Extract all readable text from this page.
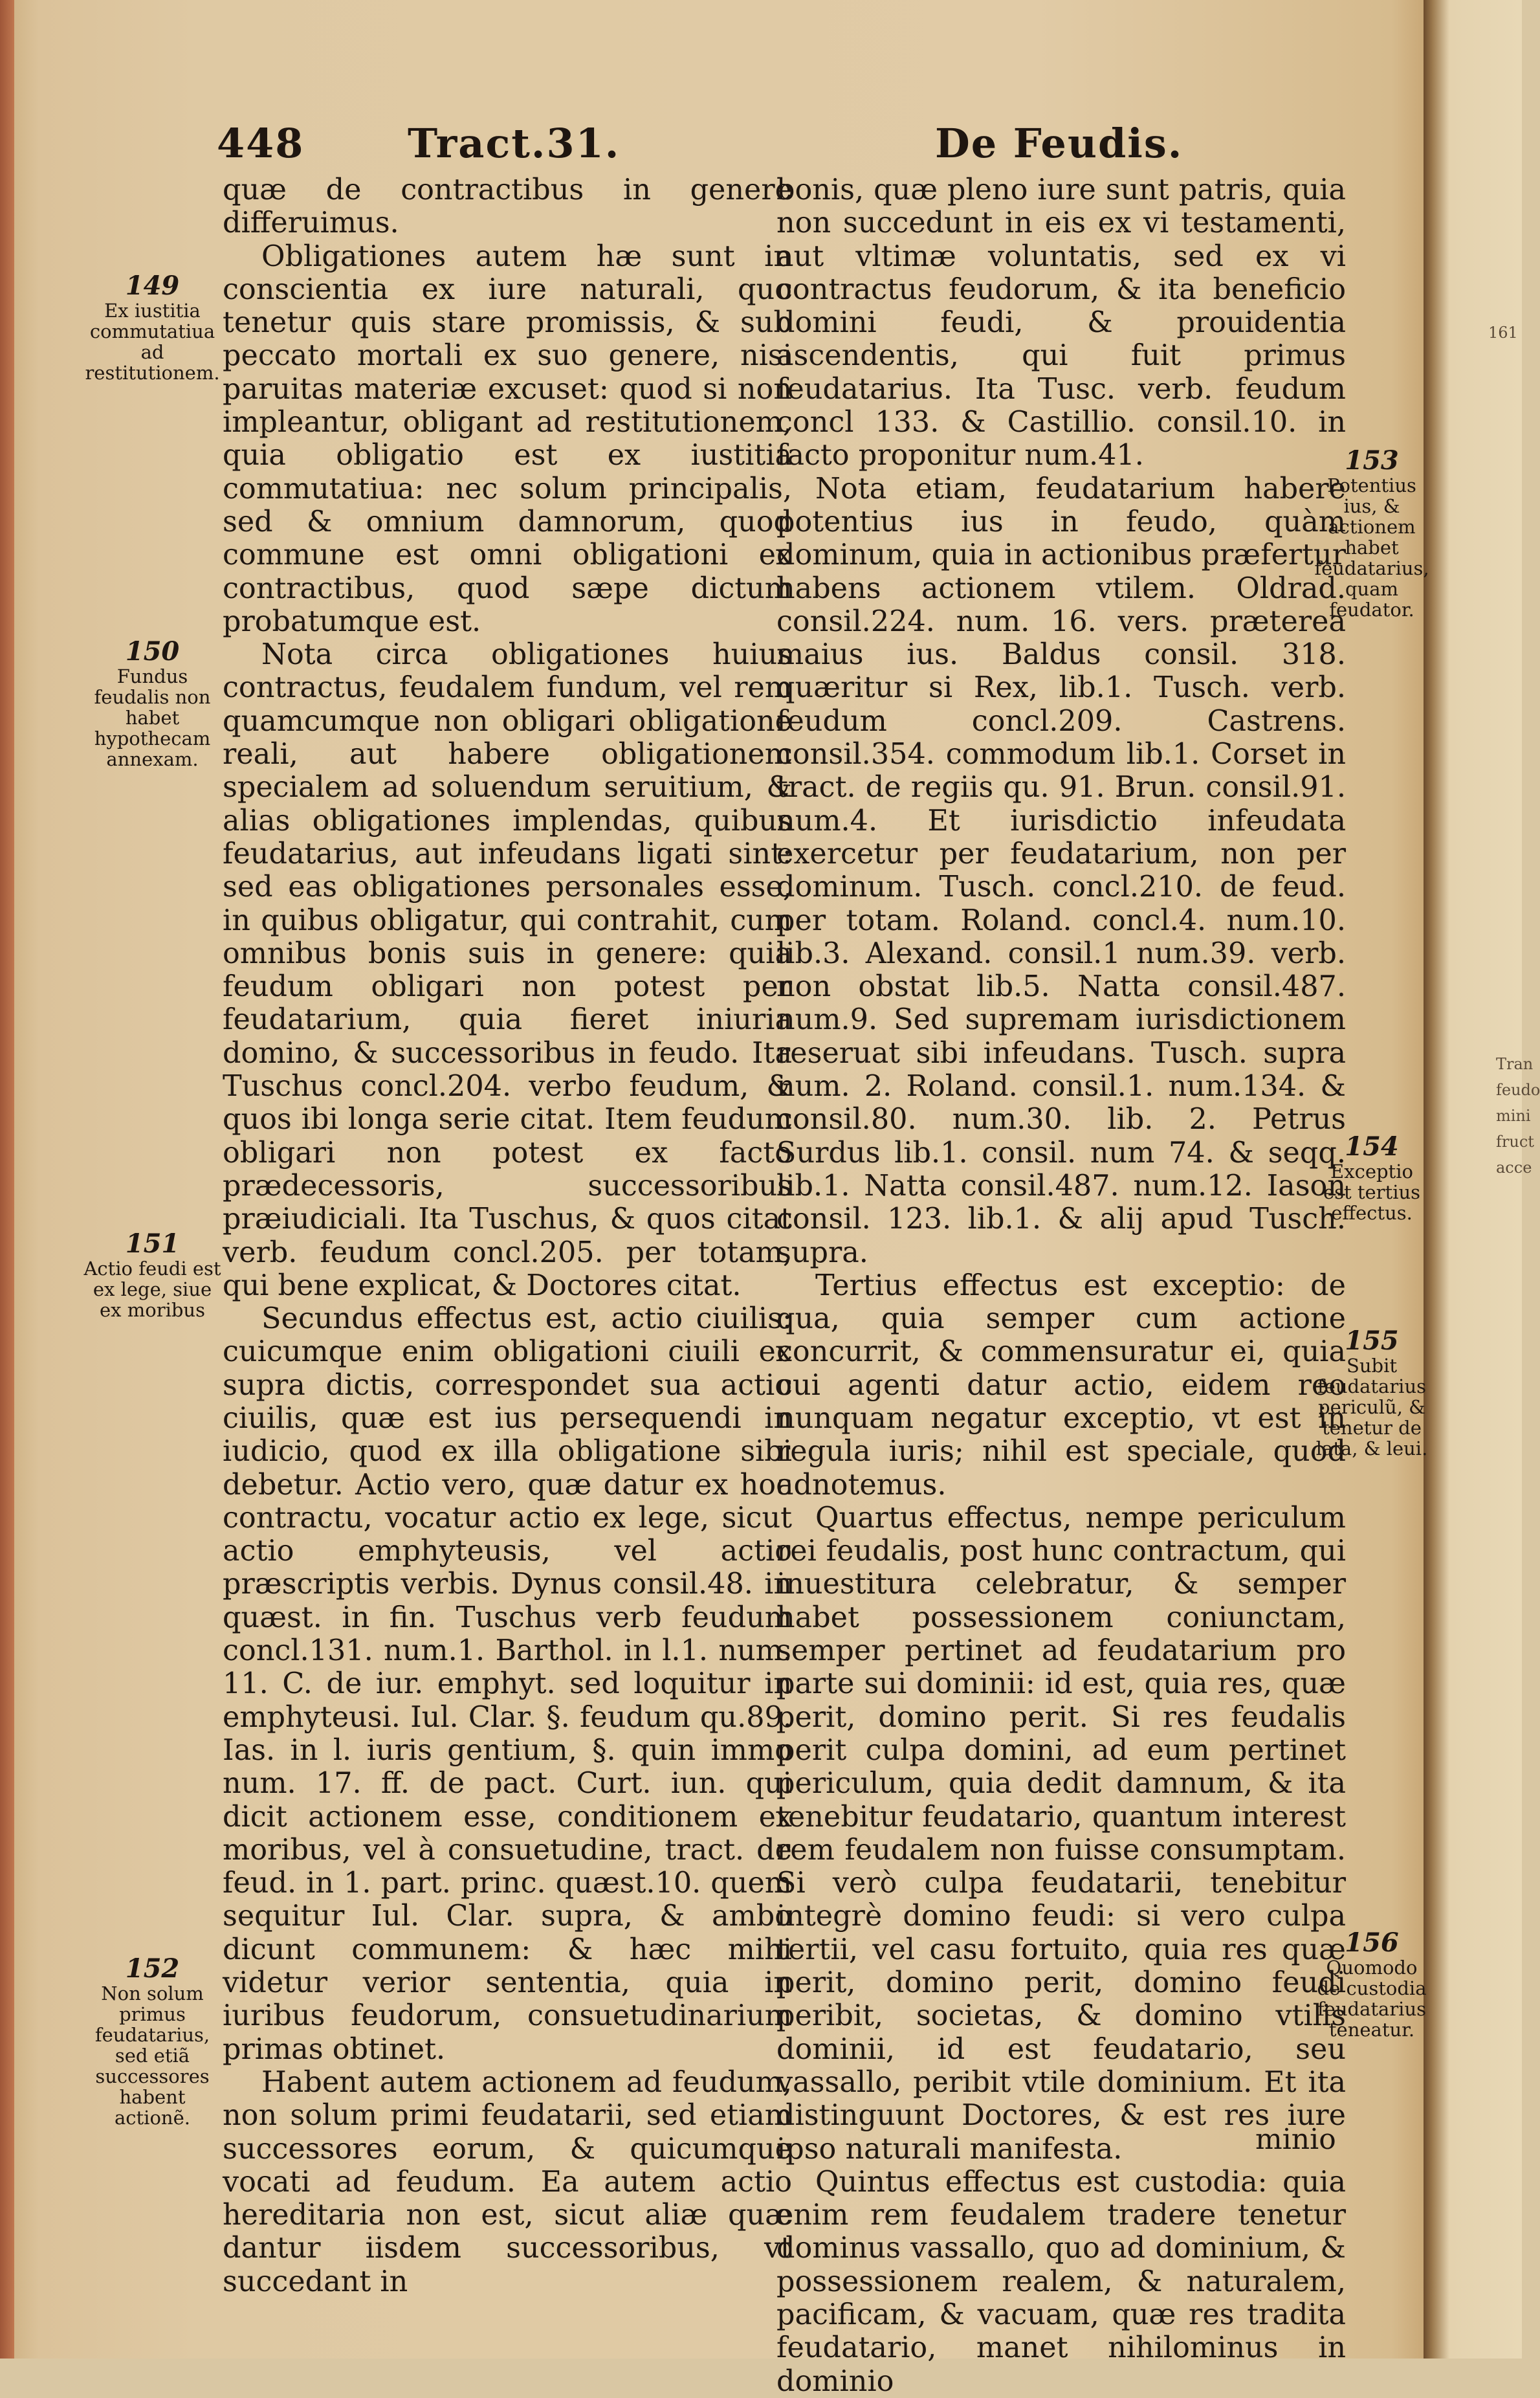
448	Tract.31.	De Feudis.

quæ de contractibus in genere differuimus.

Obligationes autem hæ sunt in conscientia ex iure naturali, quo tenetur quis stare promissis, & sub peccato mortali ex suo genere, nisi paruitas materiæ excuset: quod si non impleantur, obligant ad restitutionem, quia obligatio est ex iustitia commutatiua: nec solum principalis, sed & omnium damnorum, quod commune est omni obligationi ex contractibus, quod sæpe dictum probatumque est.

Nota circa obligationes huius contractus, feudalem fundum, vel rem quamcumque non obligari obligatione reali, aut habere obligationem specialem ad soluendum seruitium, & alias obligationes implendas, quibus feudatarius, aut infeudans ligati sint: sed eas obligationes personales esse, in quibus obligatur, qui contrahit, cum omnibus bonis suis in genere: quia feudum obligari non potest per feudatarium, quia fieret iniuria domino, & successoribus in feudo. Ita Tuschus concl.204. verbo feudum, & quos ibi longa serie citat. Item feudum obligari non potest ex facto prædecessoris, successoribus præiudiciali. Ita Tuschus, & quos citat verb. feudum concl.205. per totam, qui bene explicat, & Doctores citat.

Secundus effectus est, actio ciuilis: cuicumque enim obligationi ciuili ex supra dictis, correspondet sua actio ciuilis, quæ est ius persequendi in iudicio, quod ex illa obligatione sibi debetur. Actio vero, quæ datur ex hoc contractu, vocatur actio ex lege, sicut actio emphyteusis, vel actio præscriptis verbis. Dynus consil.48. in quæst. in fin. Tuschus verb feudum concl.131. num.1. Barthol. in l.1. num. 11. C. de iur. emphyt. sed loquitur in emphyteusi. Iul. Clar. §. feudum qu.89. Ias. in l. iuris gentium, §. quin immo num. 17. ff. de pact. Curt. iun. qui dicit actionem esse, conditionem ex moribus, vel à consuetudine, tract. de feud. in 1. part. princ. quæst.10. quem sequitur Iul. Clar. supra, & ambo dicunt communem: & hæc mihi videtur verior sententia, quia in iuribus feudorum, consuetudinarium primas obtinet.

Habent autem actionem ad feudum, non solum primi feudatarii, sed etiam successores eorum, & quicumque vocati ad feudum. Ea autem actio hereditaria non est, sicut aliæ quæ dantur iisdem successoribus, vt succedant in

bonis, quæ pleno iure sunt patris, quia non succedunt in eis ex vi testamenti, aut vltimæ voluntatis, sed ex vi contractus feudorum, & ita beneficio domini feudi, & prouidentia ascendentis, qui fuit primus feudatarius. Ita Tusc. verb. feudum concl 133. & Castillio. consil.10. in facto proponitur num.41.

Nota etiam, feudatarium habere potentius ius in feudo, quàm dominum, quia in actionibus præfertur habens actionem vtilem. Oldrad. consil.224. num. 16. vers. præterea maius ius. Baldus consil. 318. quæritur si Rex, lib.1. Tusch. verb. feudum concl.209. Castrens. consil.354. commodum lib.1. Corset in tract. de regiis qu. 91. Brun. consil.91. num.4. Et iurisdictio infeudata exercetur per feudatarium, non per dominum. Tusch. concl.210. de feud. per totam. Roland. concl.4. num.10. lib.3. Alexand. consil.1 num.39. verb. non obstat lib.5. Natta consil.487. num.9. Sed supremam iurisdictionem reseruat sibi infeudans. Tusch. supra num. 2. Roland. consil.1. num.134. & consil.80. num.30. lib. 2. Petrus Surdus lib.1. consil. num 74. & seqq. lib.1. Natta consil.487. num.12. Iason consil. 123. lib.1. & alij apud Tusch. supra.

Tertius effectus est exceptio: de qua, quia semper cum actione concurrit, & commensuratur ei, quia cui agenti datur actio, eidem reo nunquam negatur exceptio, vt est in regula iuris; nihil est speciale, quod adnotemus.

Quartus effectus, nempe periculum rei feudalis, post hunc contractum, qui inuestitura celebratur, & semper habet possessionem coniunctam, semper pertinet ad feudatarium pro parte sui dominii: id est, quia res, quæ perit, domino perit. Si res feudalis perit culpa domini, ad eum pertinet periculum, quia dedit damnum, & ita tenebitur feudatario, quantum interest rem feudalem non fuisse consumptam. Si verò culpa feudatarii, tenebitur integrè domino feudi: si vero culpa tertii, vel casu fortuito, quia res quæ perit, domino perit, domino feudi peribit, societas, & domino vtilis dominii, id est feudatario, seu vassallo, peribit vtile dominium. Et ita distinguunt Doctores, & est res iure ipso naturali manifesta.

Quintus effectus est custodia: quia enim rem feudalem tradere tenetur dominus vassallo, quo ad dominium, & possessionem realem, & naturalem, pacificam, & vacuam, quæ res tradita feudatario, manet nihilominus in dominio

149
Ex iustitia commutatiua ad restitutionem.
150
Fundus feudalis non habet hypothecam annexam.
151
Actio feudi est ex lege, siue ex moribus
152
Non solum primus feudatarius, sed etiã successores habent actionẽ.
153
Potentius ius, & actionem habet feudatarius, quam feudator.
154
Exceptio est tertius effectus.
155
Subit feudatarius periculũ, & tenetur de lata, & leui.
156
Quomodo de custodia feudatarius teneatur.
minio
161
Tran
feudo
mini
fruct
acce
